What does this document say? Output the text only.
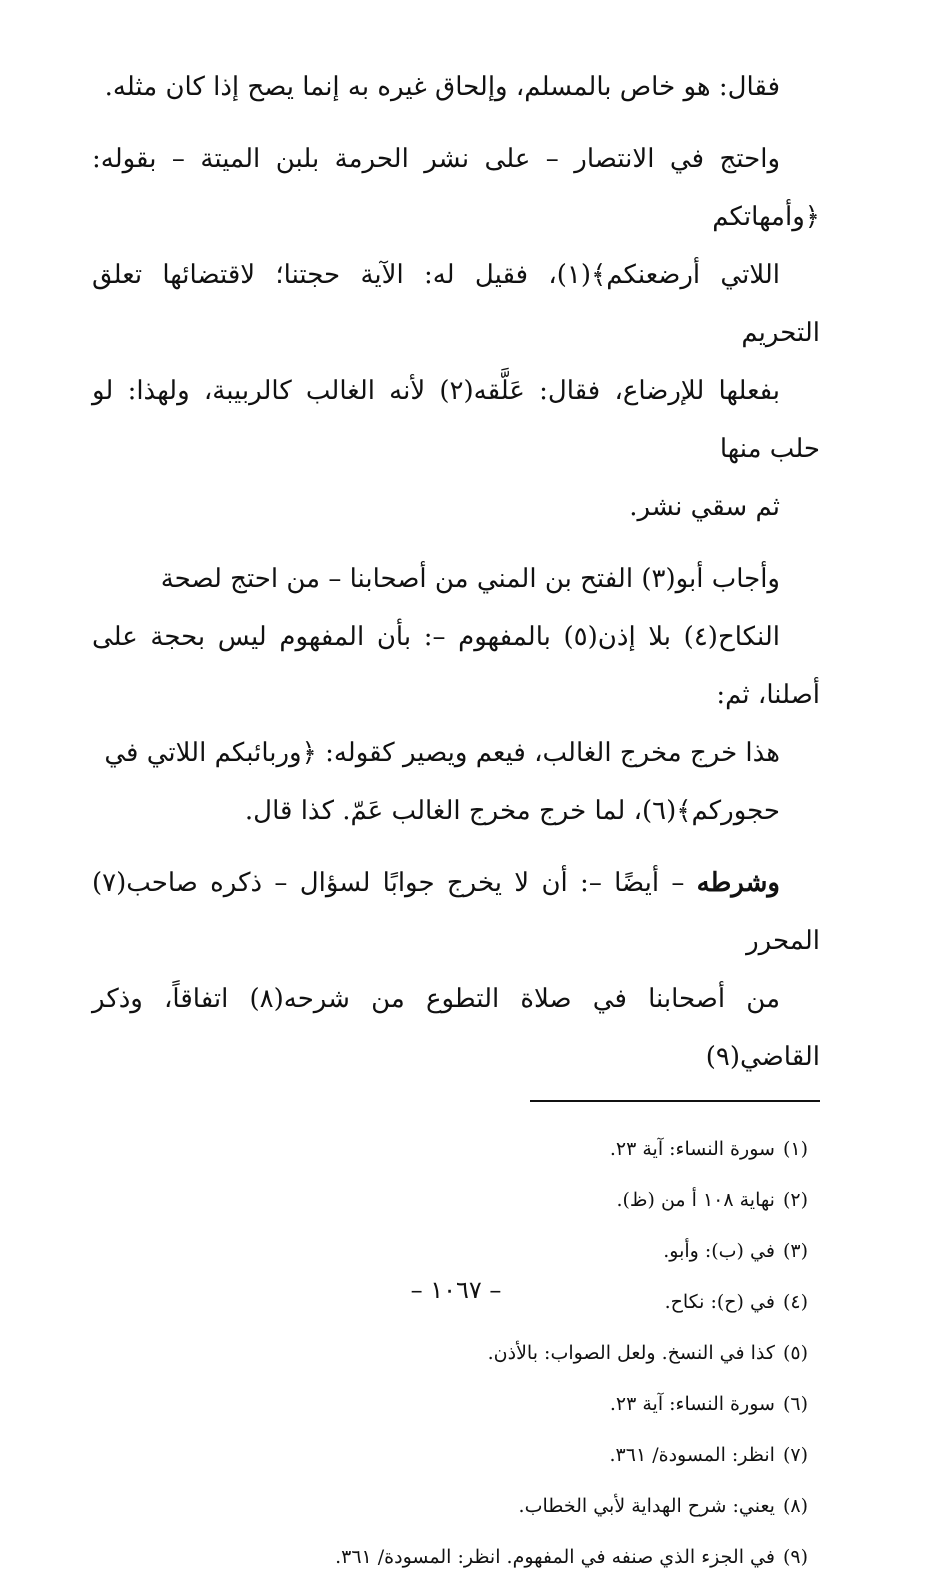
فقال: هو خاص بالمسلم، وإلحاق غيره به إنما يصح إذا كان مثله.

واحتج في الانتصار – على نشر الحرمة بلبن الميتة – بقوله: ﴿وأمهاتكم
اللاتي أرضعنكم﴾(١)، فقيل له: الآية حجتنا؛ لاقتضائها تعلق التحريم
بفعلها للإرضاع، فقال: عَلَّقه(٢) لأنه الغالب كالربيبة، ولهذا: لو حلب منها
ثم سقي نشر.

وأجاب أبو(٣) الفتح بن المني من أصحابنا – من احتج لصحة
النكاح(٤) بلا إذن(٥) بالمفهوم –: بأن المفهوم ليس بحجة على أصلنا، ثم:
هذا خرج مخرج الغالب، فيعم ويصير كقوله: ﴿وربائبكم اللاتي في
حجوركم﴾(٦)، لما خرج مخرج الغالب عَمّ. كذا قال.

وشرطه – أيضًا –: أن لا يخرج جوابًا لسؤال – ذكره صاحب(٧) المحرر
من أصحابنا في صلاة التطوع من شرحه(٨) اتفاقاً، وذكر القاضي(٩)

(١)سورة النساء: آية ٢٣.
(٢)نهاية ١٠٨ أ من (ظ).
(٣)في (ب): وأبو.
(٤)في (ح): نكاح.
(٥)كذا في النسخ. ولعل الصواب: بالأذن.
(٦)سورة النساء: آية ٢٣.
(٧)انظر: المسودة/ ٣٦١.
(٨)يعني: شرح الهداية لأبي الخطاب.
(٩)في الجزء الذي صنفه في المفهوم. انظر: المسودة/ ٣٦١.
– ١٠٦٧ –
